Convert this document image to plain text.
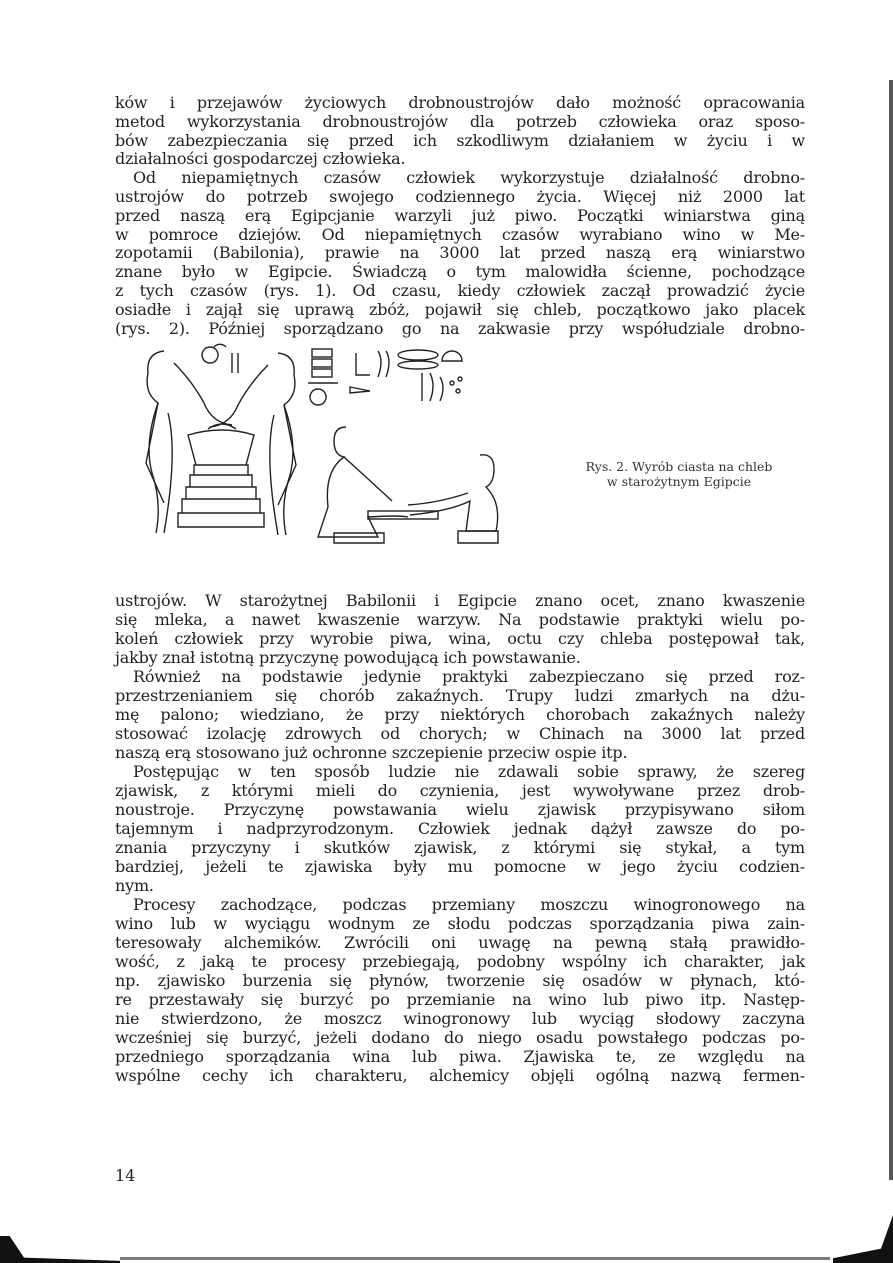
ków i przejawów życiowych drobnoustrojów dało możność opracowania
metod wykorzystania drobnoustrojów dla potrzeb człowieka oraz sposo-
bów zabezpieczania się przed ich szkodliwym działaniem w życiu i w
działalności gospodarczej człowieka.
Od niepamiętnych czasów człowiek wykorzystuje działalność drobno-
ustrojów do potrzeb swojego codziennego życia. Więcej niż 2000 lat
przed naszą erą Egipcjanie warzyli już piwo. Początki winiarstwa giną
w pomroce dziejów. Od niepamiętnych czasów wyrabiano wino w Me-
zopotamii (Babilonia), prawie na 3000 lat przed naszą erą winiarstwo
znane było w Egipcie. Świadczą o tym malowidła ścienne, pochodzące
z tych czasów (rys. 1). Od czasu, kiedy człowiek zaczął prowadzić życie
osiadłe i zajął się uprawą zbóż, pojawił się chleb, początkowo jako placek
(rys. 2). Później sporządzano go na zakwasie przy współudziale drobno-
Rys. 2. Wyrób ciasta na chleb
w starożytnym Egipcie
ustrojów. W starożytnej Babilonii i Egipcie znano ocet, znano kwaszenie
się mleka, a nawet kwaszenie warzyw. Na podstawie praktyki wielu po-
koleń człowiek przy wyrobie piwa, wina, octu czy chleba postępował tak,
jakby znał istotną przyczynę powodującą ich powstawanie.
Również na podstawie jedynie praktyki zabezpieczano się przed roz-
przestrzenianiem się chorób zakaźnych. Trupy ludzi zmarłych na dżu-
mę palono; wiedziano, że przy niektórych chorobach zakaźnych należy
stosować izolację zdrowych od chorych; w Chinach na 3000 lat przed
naszą erą stosowano już ochronne szczepienie przeciw ospie itp.
Postępując w ten sposób ludzie nie zdawali sobie sprawy, że szereg
zjawisk, z którymi mieli do czynienia, jest wywoływane przez drob-
noustroje. Przyczynę powstawania wielu zjawisk przypisywano siłom
tajemnym i nadprzyrodzonym. Człowiek jednak dążył zawsze do po-
znania przyczyny i skutków zjawisk, z którymi się stykał, a tym
bardziej, jeżeli te zjawiska były mu pomocne w jego życiu codzien-
nym.
Procesy zachodzące, podczas przemiany moszczu winogronowego na
wino lub w wyciągu wodnym ze słodu podczas sporządzania piwa zain-
teresowały alchemików. Zwrócili oni uwagę na pewną stałą prawidło-
wość, z jaką te procesy przebiegają, podobny wspólny ich charakter, jak
np. zjawisko burzenia się płynów, tworzenie się osadów w płynach, któ-
re przestawały się burzyć po przemianie na wino lub piwo itp. Następ-
nie stwierdzono, że moszcz winogronowy lub wyciąg słodowy zaczyna
wcześniej się burzyć, jeżeli dodano do niego osadu powstałego podczas po-
przedniego sporządzania wina lub piwa. Zjawiska te, ze względu na
wspólne cechy ich charakteru, alchemicy objęli ogólną nazwą fermen-
14
